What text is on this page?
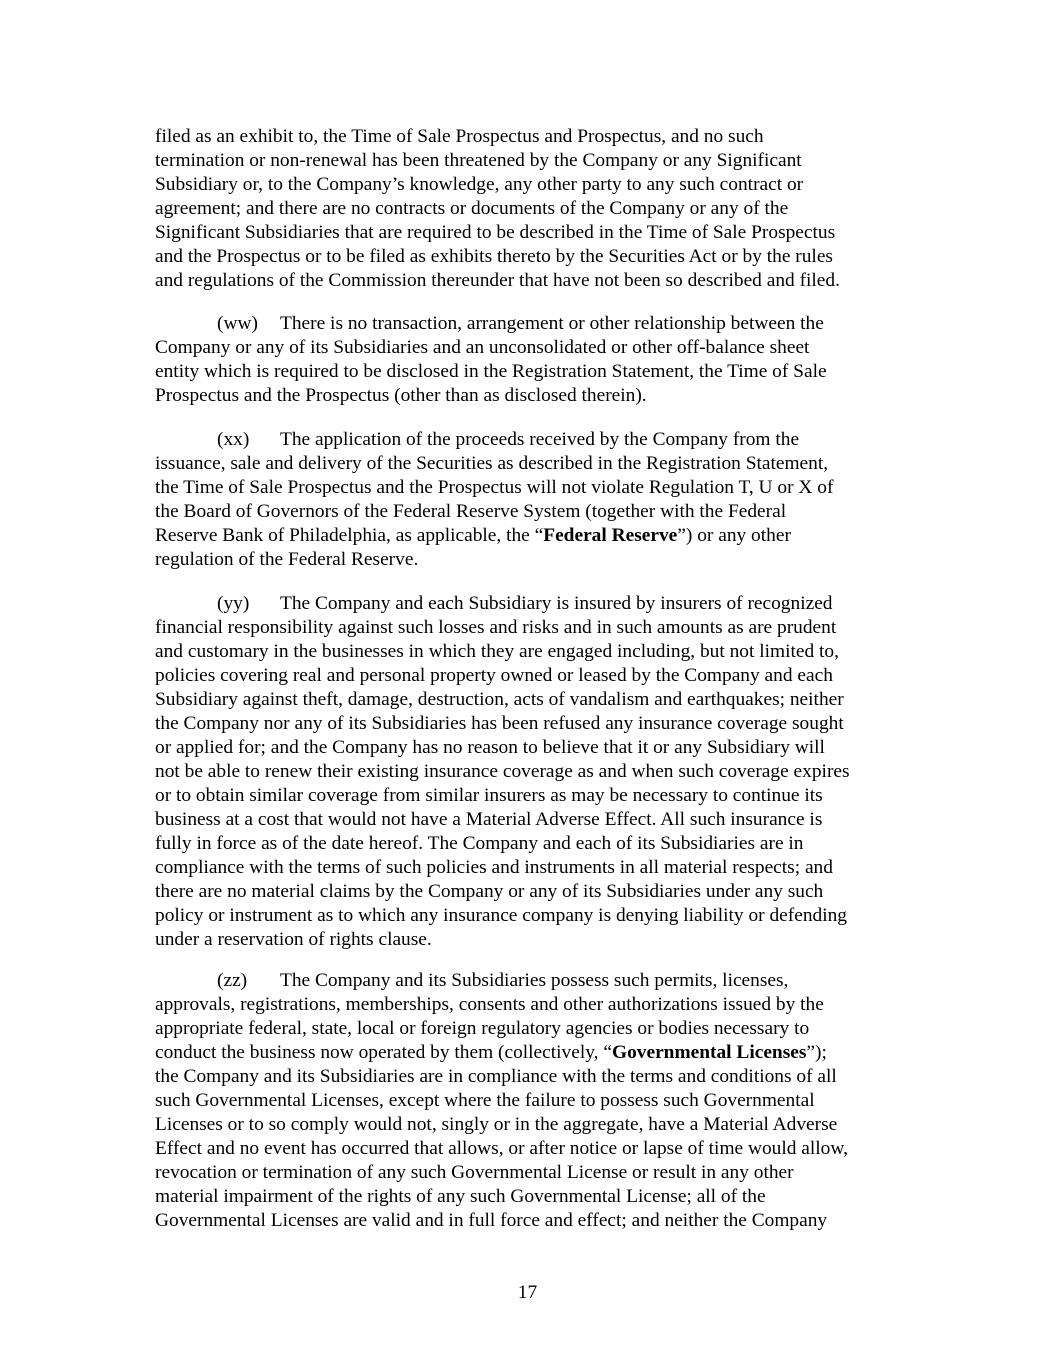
filed as an exhibit to, the Time of Sale Prospectus and Prospectus, and no such
termination or non-renewal has been threatened by the Company or any Significant
Subsidiary or, to the Company’s knowledge, any other party to any such contract or
agreement; and there are no contracts or documents of the Company or any of the
Significant Subsidiaries that are required to be described in the Time of Sale Prospectus
and the Prospectus or to be filed as exhibits thereto by the Securities Act or by the rules
and regulations of the Commission thereunder that have not been so described and filed.
(ww) There is no transaction, arrangement or other relationship between the
Company or any of its Subsidiaries and an unconsolidated or other off-balance sheet
entity which is required to be disclosed in the Registration Statement, the Time of Sale
Prospectus and the Prospectus (other than as disclosed therein).
(xx) The application of the proceeds received by the Company from the
issuance, sale and delivery of the Securities as described in the Registration Statement,
the Time of Sale Prospectus and the Prospectus will not violate Regulation T, U or X of
the Board of Governors of the Federal Reserve System (together with the Federal
Reserve Bank of Philadelphia, as applicable, the “Federal Reserve”) or any other
regulation of the Federal Reserve.
(yy) The Company and each Subsidiary is insured by insurers of recognized
financial responsibility against such losses and risks and in such amounts as are prudent
and customary in the businesses in which they are engaged including, but not limited to,
policies covering real and personal property owned or leased by the Company and each
Subsidiary against theft, damage, destruction, acts of vandalism and earthquakes; neither
the Company nor any of its Subsidiaries has been refused any insurance coverage sought
or applied for; and the Company has no reason to believe that it or any Subsidiary will
not be able to renew their existing insurance coverage as and when such coverage expires
or to obtain similar coverage from similar insurers as may be necessary to continue its
business at a cost that would not have a Material Adverse Effect. All such insurance is
fully in force as of the date hereof. The Company and each of its Subsidiaries are in
compliance with the terms of such policies and instruments in all material respects; and
there are no material claims by the Company or any of its Subsidiaries under any such
policy or instrument as to which any insurance company is denying liability or defending
under a reservation of rights clause.
(zz) The Company and its Subsidiaries possess such permits, licenses,
approvals, registrations, memberships, consents and other authorizations issued by the
appropriate federal, state, local or foreign regulatory agencies or bodies necessary to
conduct the business now operated by them (collectively, “Governmental Licenses”);
the Company and its Subsidiaries are in compliance with the terms and conditions of all
such Governmental Licenses, except where the failure to possess such Governmental
Licenses or to so comply would not, singly or in the aggregate, have a Material Adverse
Effect and no event has occurred that allows, or after notice or lapse of time would allow,
revocation or termination of any such Governmental License or result in any other
material impairment of the rights of any such Governmental License; all of the
Governmental Licenses are valid and in full force and effect; and neither the Company
17
